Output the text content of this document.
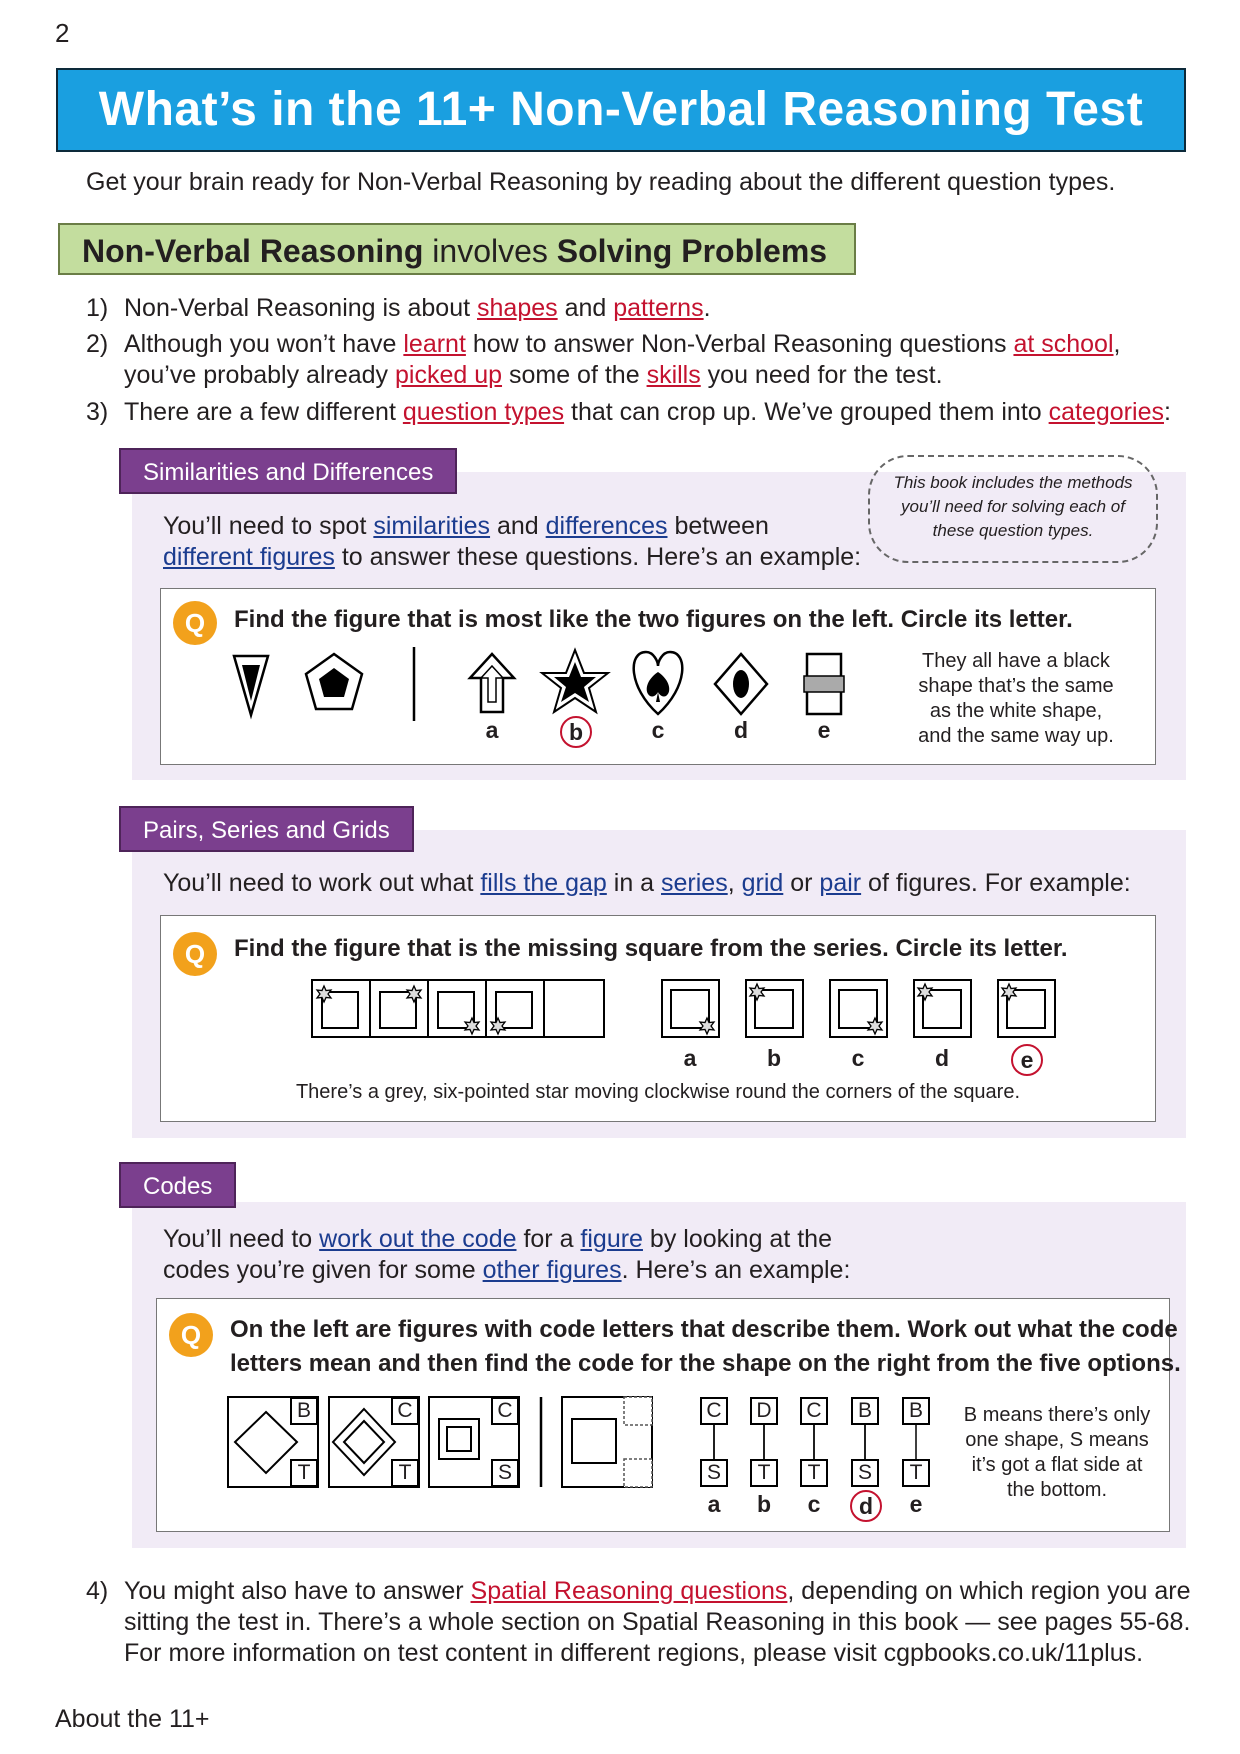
2
What’s in the 11+ Non-Verbal Reasoning Test
Get your brain ready for Non-Verbal Reasoning by reading about the different question types.
Non-Verbal Reasoning involves Solving Problems
1) Non-Verbal Reasoning is about shapes and patterns.
2) Although you won’t have learnt how to answer Non-Verbal Reasoning questions at school,
you’ve probably already picked up some of the skills you need for the test.
3) There are a few different question types that can crop up. We’ve grouped them into categories:
Similarities and Differences	This book includes the methods
you’ll need for solving each of
these question types.
You’ll need to spot similarities and differences between
different figures to answer these questions. Here’s an example:
Q	Find the figure that is most like the two figures on the left. Circle its letter.
a	b	c	d	e
They all have a black
shape that’s the same
as the white shape,
and the same way up.
Pairs, Series and Grids
You’ll need to work out what fills the gap in a series, grid or pair of figures. For example:
Q	Find the figure that is the missing square from the series. Circle its letter.
a	b	c	d	e
There’s a grey, six-pointed star moving clockwise round the corners of the square.
Codes
You’ll need to work out the code for a figure by looking at the
codes you’re given for some other figures. Here’s an example:
Q	On the left are figures with code letters that describe them. Work out what the code
letters mean and then find the code for the shape on the right from the five options.
B
T
C
T
C
S
C
S
D
T
C
T
B
S
B
T
a	b	c	d	e
B means there’s only
one shape, S means
it’s got a flat side at
the bottom.
4) You might also have to answer Spatial Reasoning questions, depending on which region you are
sitting the test in. There’s a whole section on Spatial Reasoning in this book — see pages 55-68.
For more information on test content in different regions, please visit cgpbooks.co.uk/11plus.
About the 11+
